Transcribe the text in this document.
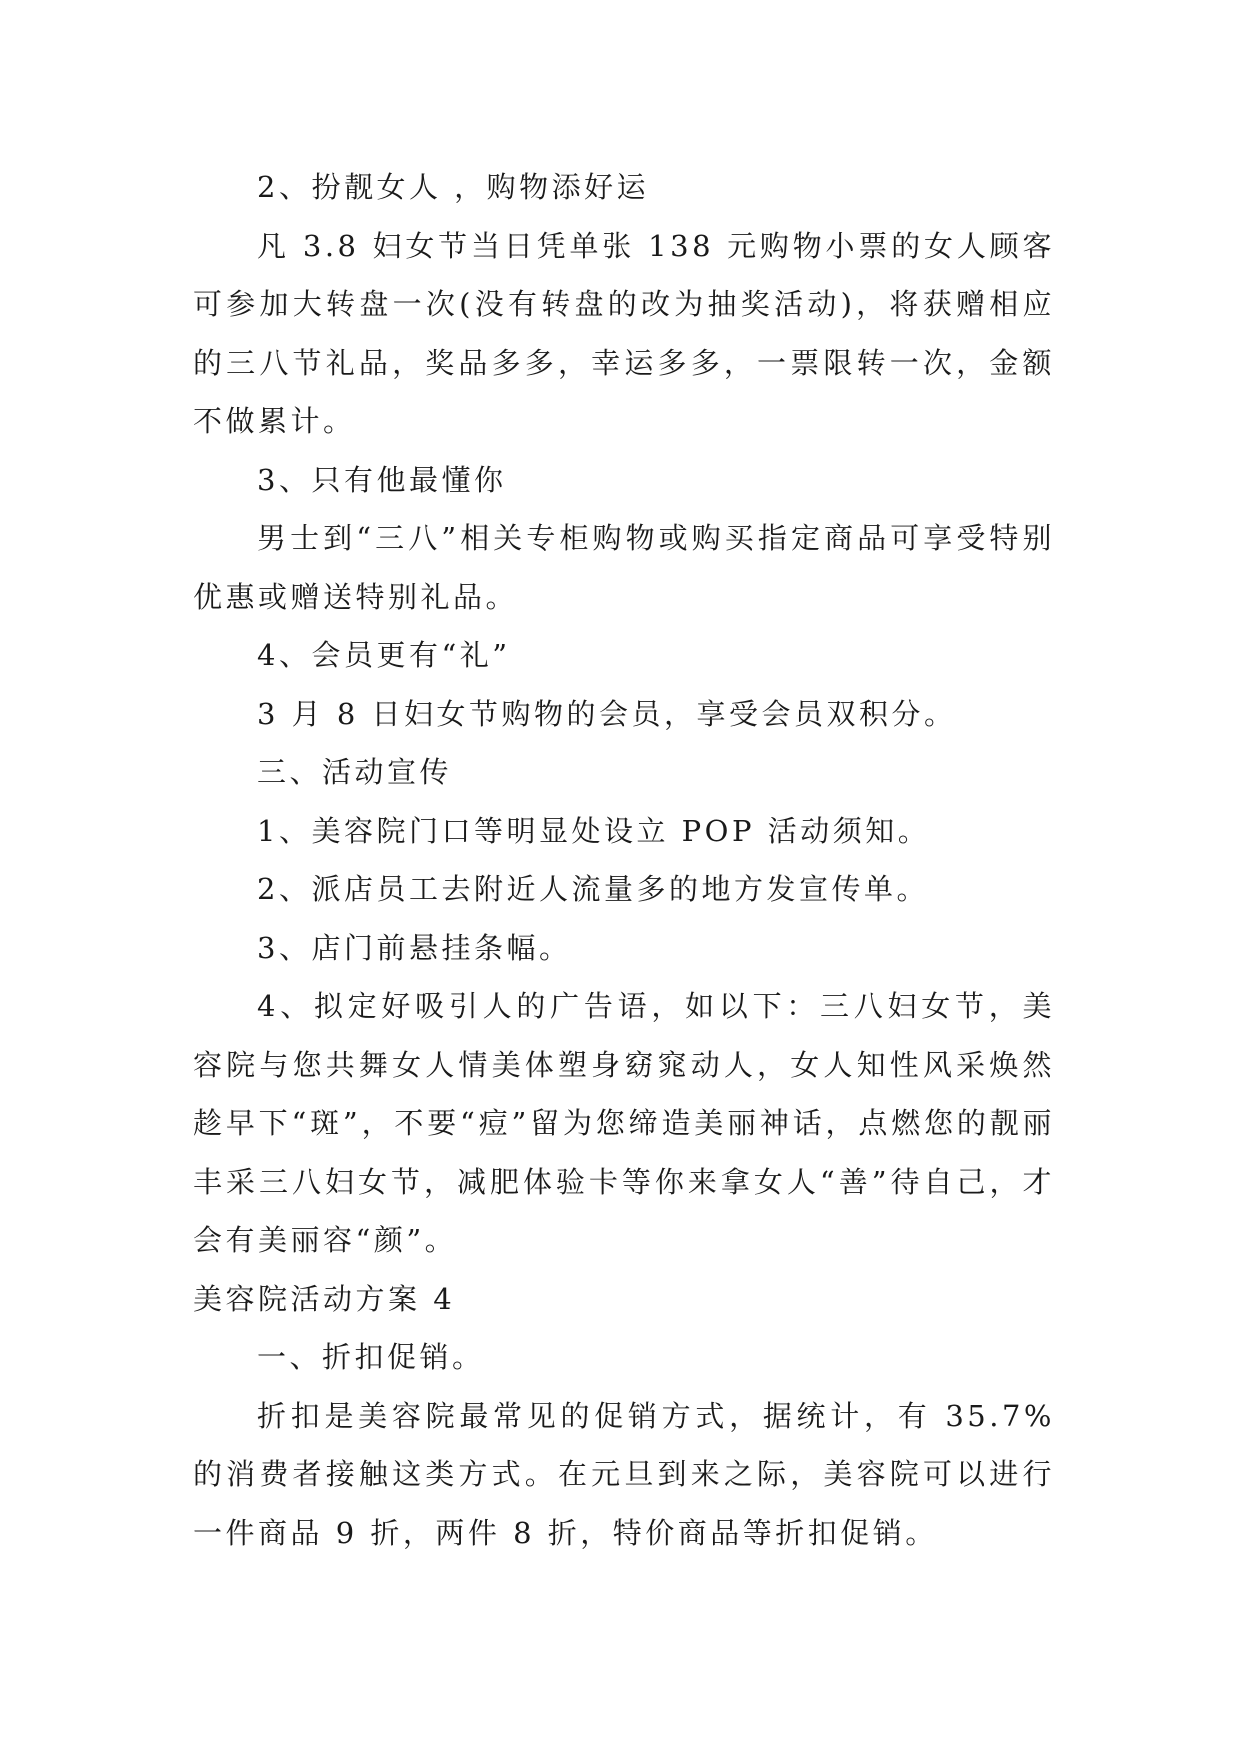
2、扮靓女人 ，购物添好运

凡 3.8 妇女节当日凭单张 138 元购物小票的女人顾客可参加大转盘一次(没有转盘的改为抽奖活动)，将获赠相应的三八节礼品，奖品多多，幸运多多，一票限转一次，金额不做累计。

3、只有他最懂你

男士到“三八”相关专柜购物或购买指定商品可享受特别优惠或赠送特别礼品。

4、会员更有“礼”

3 月 8 日妇女节购物的会员，享受会员双积分。

三、活动宣传

1、美容院门口等明显处设立 POP 活动须知。

2、派店员工去附近人流量多的地方发宣传单。

3、店门前悬挂条幅。

4、拟定好吸引人的广告语，如以下：三八妇女节，美容院与您共舞女人情美体塑身窈窕动人，女人知性风采焕然趁早下“斑”，不要“痘”留为您缔造美丽神话，点燃您的靓丽丰采三八妇女节，减肥体验卡等你来拿女人“善”待自己，才会有美丽容“颜”。

美容院活动方案 4

一、折扣促销。

折扣是美容院最常见的促销方式，据统计，有 35.7%的消费者接触这类方式。在元旦到来之际，美容院可以进行一件商品 9 折，两件 8 折，特价商品等折扣促销。
